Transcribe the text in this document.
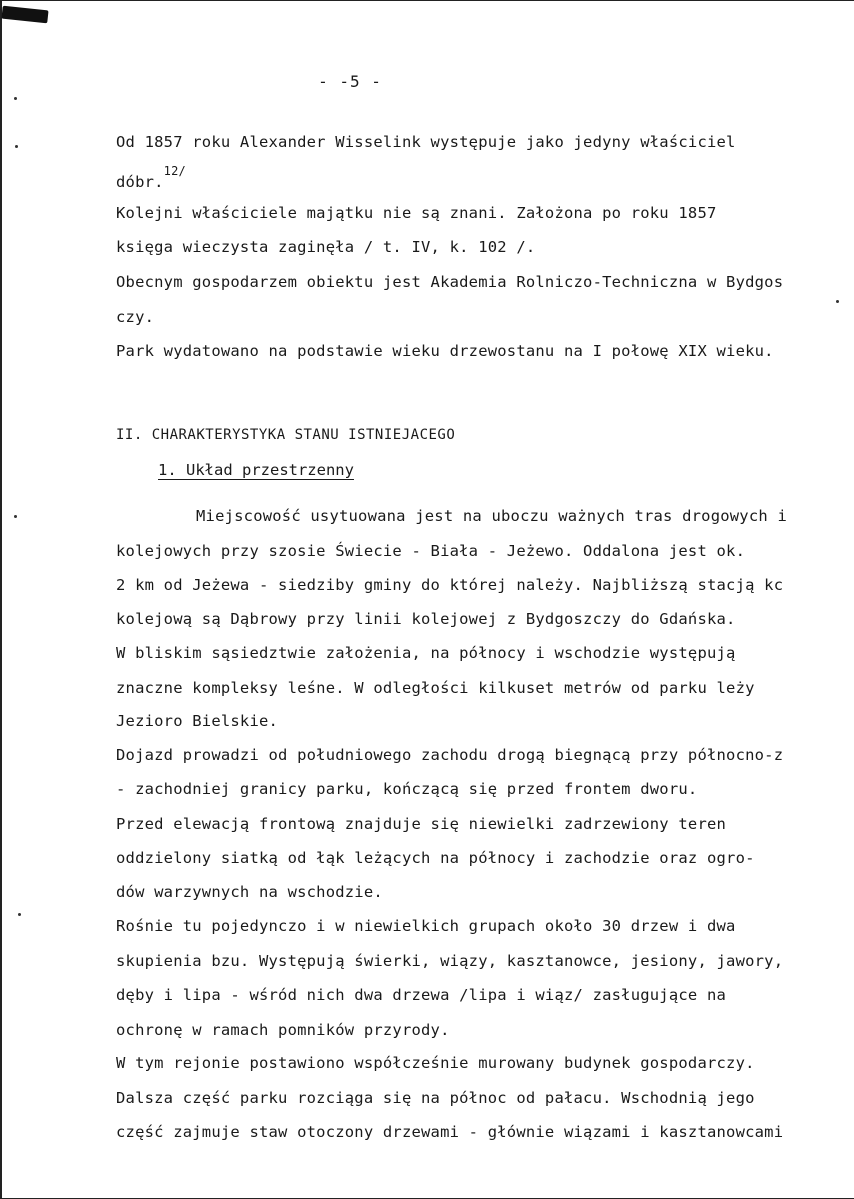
- -5 -
Od 1857 roku Alexander Wisselink występuje jako jedyny właściciel
dóbr.$^{12/}$
Kolejni właściciele majątku nie są znani. Założona po roku 1857
księga wieczysta zaginęła / t. IV, k. 102 /.
Obecnym gospodarzem obiektu jest Akademia Rolniczo-Techniczna w Bydgos
czy.
Park wydatowano na podstawie wieku drzewostanu na I połowę XIX wieku.
II. CHARAKTERYSTYKA STANU ISTNIEJACEGO
1. Układ przestrzenny
Miejscowość usytuowana jest na uboczu ważnych tras drogowych i
kolejowych przy szosie Świecie - Biała - Jeżewo. Oddalona jest ok.
2 km od Jeżewa - siedziby gminy do której należy. Najbliższą stacją kc
kolejową są Dąbrowy przy linii kolejowej z Bydgoszczy do Gdańska.
W bliskim sąsiedztwie założenia, na północy i wschodzie występują
znaczne kompleksy leśne. W odległości kilkuset metrów od parku leży
Jezioro Bielskie.
Dojazd prowadzi od południowego zachodu drogą biegnącą przy północno-z
- zachodniej granicy parku, kończącą się przed frontem dworu.
Przed elewacją frontową znajduje się niewielki zadrzewiony teren
oddzielony siatką od łąk leżących na północy i zachodzie oraz ogro-
dów warzywnych na wschodzie.
Rośnie tu pojedynczo i w niewielkich grupach około 30 drzew i dwa
skupienia bzu. Występują świerki, wiązy, kasztanowce, jesiony, jawory,
dęby i lipa - wśród nich dwa drzewa /lipa i wiąz/ zasługujące na
ochronę w ramach pomników przyrody.
W tym rejonie postawiono współcześnie murowany budynek gospodarczy.
Dalsza część parku rozciąga się na północ od pałacu. Wschodnią jego
część zajmuje staw otoczony drzewami - głównie wiązami i kasztanowcami
